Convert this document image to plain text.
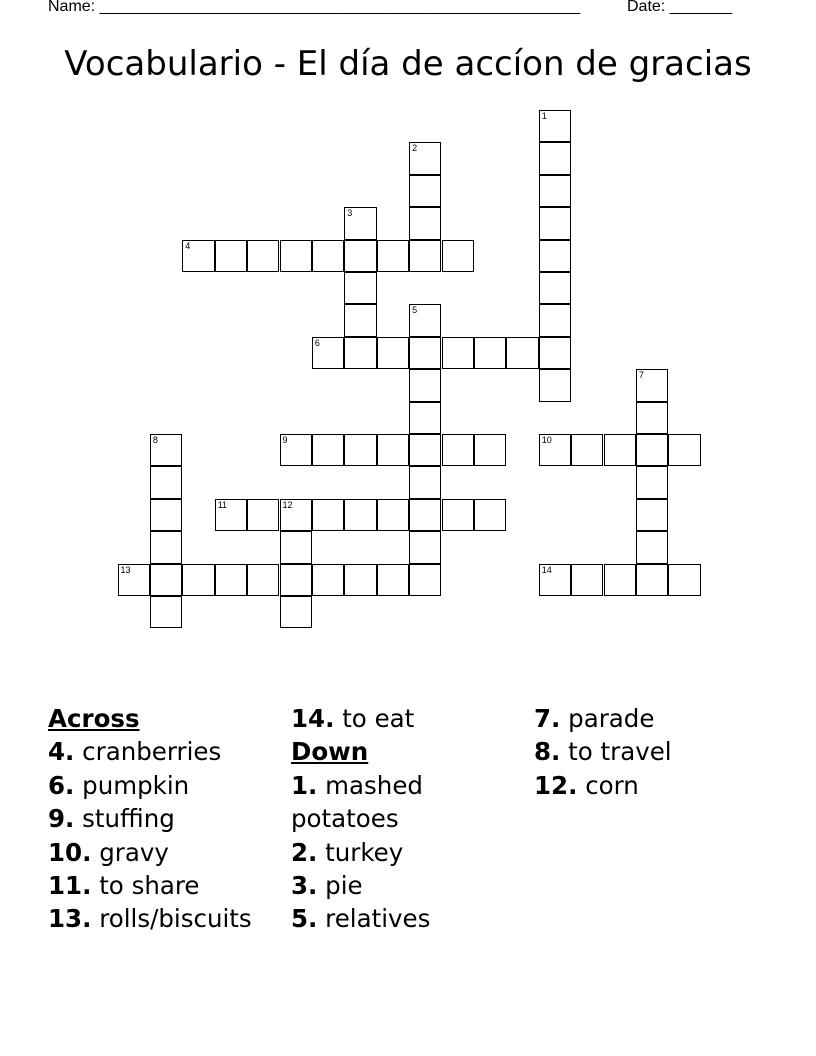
Name: ______________________________________________________	Date: _______
Vocabulario - El día de accíon de gracias
1
2
3
4
5
6
7
8	9	10
11	12
13	14
Across
4. cranberries
6. pumpkin
9. stuffing
10. gravy
11. to share
13. rolls/biscuits
14. to eat
Down
1. mashed potatoes
2. turkey
3. pie
5. relatives
7. parade
8. to travel
12. corn
